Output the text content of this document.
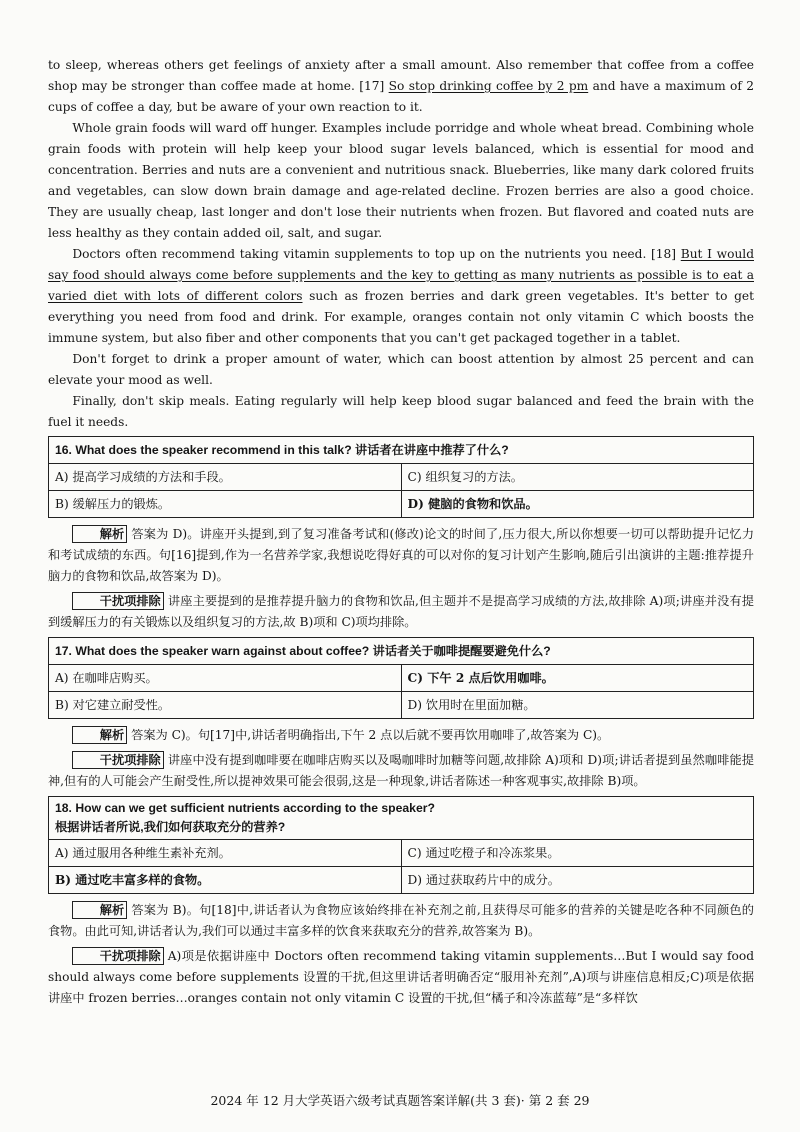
to sleep, whereas others get feelings of anxiety after a small amount. Also remember that coffee from a coffee shop may be stronger than coffee made at home. [17] So stop drinking coffee by 2 pm and have a maximum of 2 cups of coffee a day, but be aware of your own reaction to it.

Whole grain foods will ward off hunger. Examples include porridge and whole wheat bread. Combining whole grain foods with protein will help keep your blood sugar levels balanced, which is essential for mood and concentration. Berries and nuts are a convenient and nutritious snack. Blueberries, like many dark colored fruits and vegetables, can slow down brain damage and age-related decline. Frozen berries are also a good choice. They are usually cheap, last longer and don't lose their nutrients when frozen. But flavored and coated nuts are less healthy as they contain added oil, salt, and sugar.

Doctors often recommend taking vitamin supplements to top up on the nutrients you need. [18] But I would say food should always come before supplements and the key to getting as many nutrients as possible is to eat a varied diet with lots of different colors such as frozen berries and dark green vegetables. It's better to get everything you need from food and drink. For example, oranges contain not only vitamin C which boosts the immune system, but also fiber and other components that you can't get packaged together in a tablet.

Don't forget to drink a proper amount of water, which can boost attention by almost 25 percent and can elevate your mood as well.

Finally, don't skip meals. Eating regularly will help keep blood sugar balanced and feed the brain with the fuel it needs.

16. What does the speaker recommend in this talk? 讲话者在讲座中推荐了什么?	
A) 提高学习成绩的方法和手段。	C) 组织复习的方法。
B) 缓解压力的锻炼。	D) 健脑的食物和饮品。

解析 答案为 D)。讲座开头提到,到了复习准备考试和(修改)论文的时间了,压力很大,所以你想要一切可以帮助提升记忆力和考试成绩的东西。句[16]提到,作为一名营养学家,我想说吃得好真的可以对你的复习计划产生影响,随后引出演讲的主题:推荐提升脑力的食物和饮品,故答案为 D)。

干扰项排除 讲座主要提到的是推荐提升脑力的食物和饮品,但主题并不是提高学习成绩的方法,故排除 A)项;讲座并没有提到缓解压力的有关锻炼以及组织复习的方法,故 B)项和 C)项均排除。

17. What does the speaker warn against about coffee? 讲话者关于咖啡提醒要避免什么?	
A) 在咖啡店购买。	C) 下午 2 点后饮用咖啡。
B) 对它建立耐受性。	D) 饮用时在里面加糖。

解析 答案为 C)。句[17]中,讲话者明确指出,下午 2 点以后就不要再饮用咖啡了,故答案为 C)。

干扰项排除 讲座中没有提到咖啡要在咖啡店购买以及喝咖啡时加糖等问题,故排除 A)项和 D)项;讲话者提到虽然咖啡能提神,但有的人可能会产生耐受性,所以提神效果可能会很弱,这是一种现象,讲话者陈述一种客观事实,故排除 B)项。

18. How can we get sufficient nutrients according to the speaker?
根据讲话者所说,我们如何获取充分的营养?	

A) 通过服用各种维生素补充剂。	C) 通过吃橙子和冷冻浆果。
B) 通过吃丰富多样的食物。	D) 通过获取药片中的成分。

解析 答案为 B)。句[18]中,讲话者认为食物应该始终排在补充剂之前,且获得尽可能多的营养的关键是吃各种不同颜色的食物。由此可知,讲话者认为,我们可以通过丰富多样的饮食来获取充分的营养,故答案为 B)。

干扰项排除 A)项是依据讲座中 Doctors often recommend taking vitamin supplements…But I would say food should always come before supplements 设置的干扰,但这里讲话者明确否定“服用补充剂”,A)项与讲座信息相反;C)项是依据讲座中 frozen berries…oranges contain not only vitamin C 设置的干扰,但“橘子和冷冻蓝莓”是“多样饮

2024 年 12 月大学英语六级考试真题答案详解(共 3 套)· 第 2 套 29
